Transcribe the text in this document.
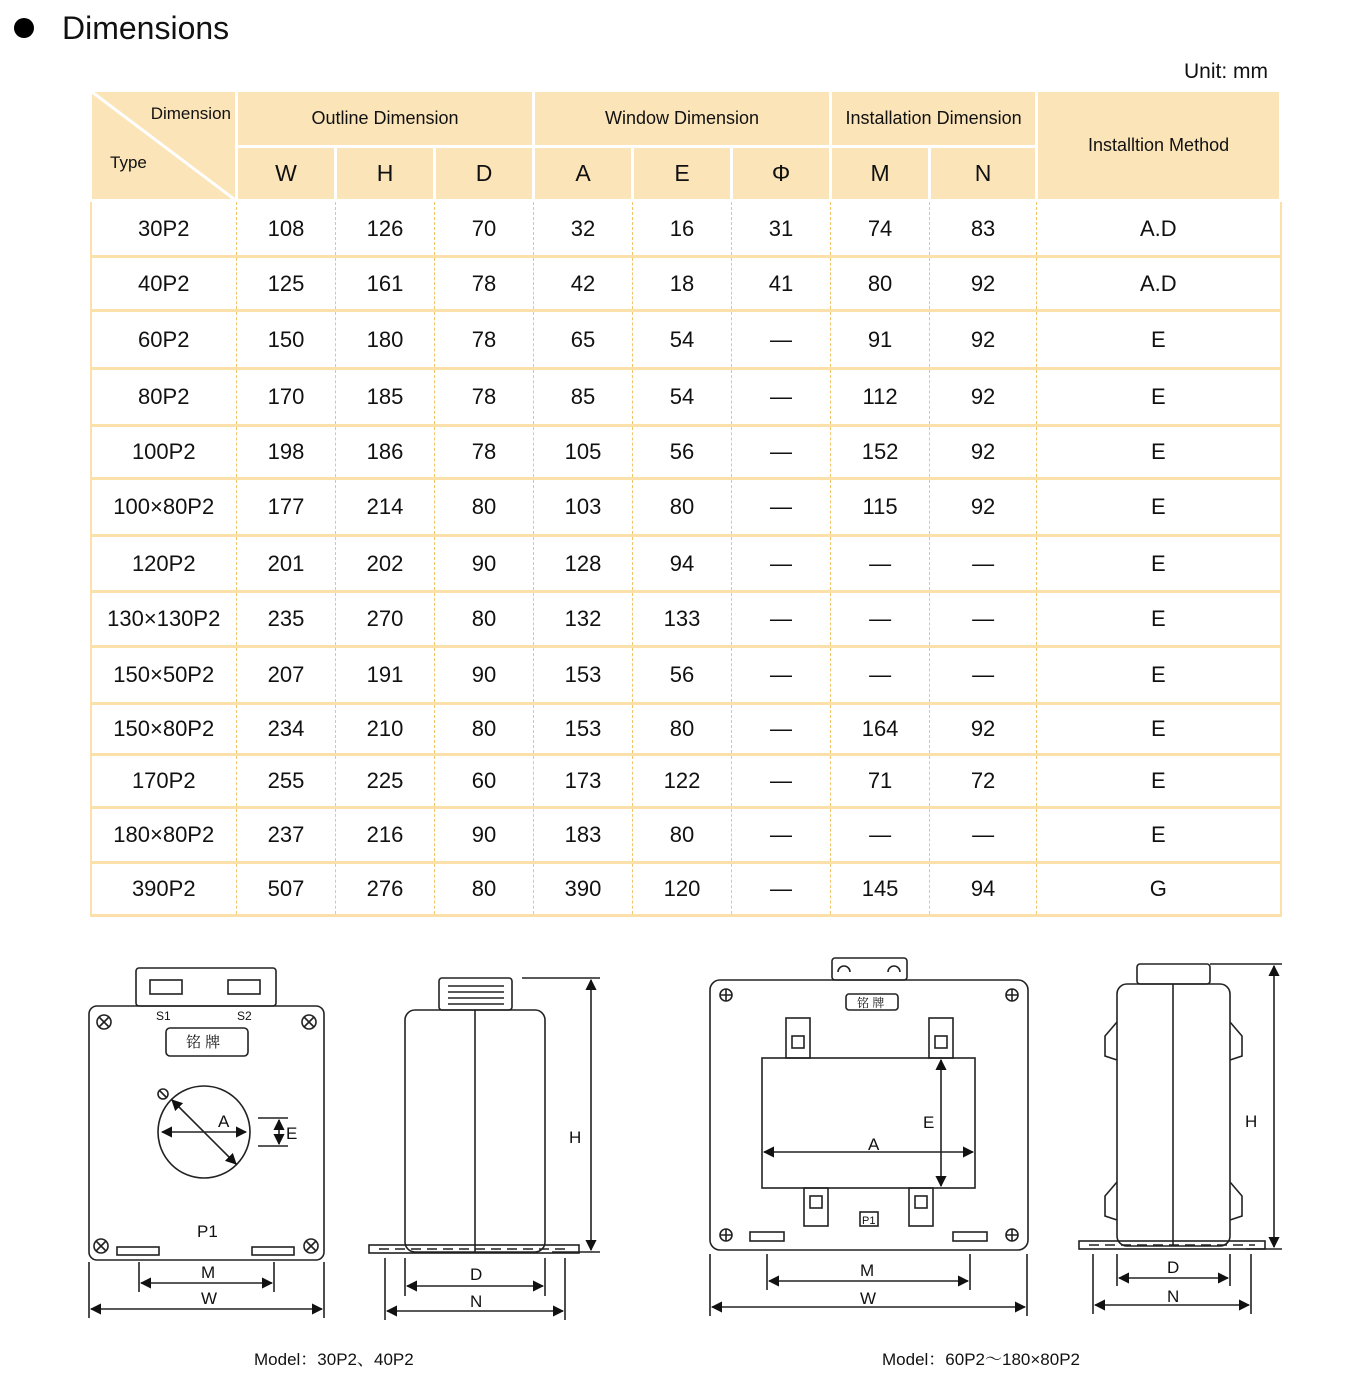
Dimensions
Unit: mm
Dimension
Type	Outline Dimension			Window Dimension			Installation Dimension		Installtion Method
	W	H	D	A	E	Φ	M	N	
30P2	108	126	70	32	16	31	74	83	A.D
40P2	125	161	78	42	18	41	80	92	A.D
60P2	150	180	78	65	54	—	91	92	E
80P2	170	185	78	85	54	—	112	92	E
100P2	198	186	78	105	56	—	152	92	E
100×80P2	177	214	80	103	80	—	115	92	E
120P2	201	202	90	128	94	—	—	—	E
130×130P2	235	270	80	132	133	—	—	—	E
150×50P2	207	191	90	153	56	—	—	—	E
150×80P2	234	210	80	153	80	—	164	92	E
170P2	255	225	60	173	122	—	71	72	E
180×80P2	237	216	90	183	80	—	—	—	E
390P2	507	276	80	390	120	—	145	94	G
S1	S2
铭 牌
A
E
P1
M
W
H
D
N
铭 牌
A
E
P1
M
W
H
D
N
Model：30P2、40P2	Model：60P2～180×80P2
